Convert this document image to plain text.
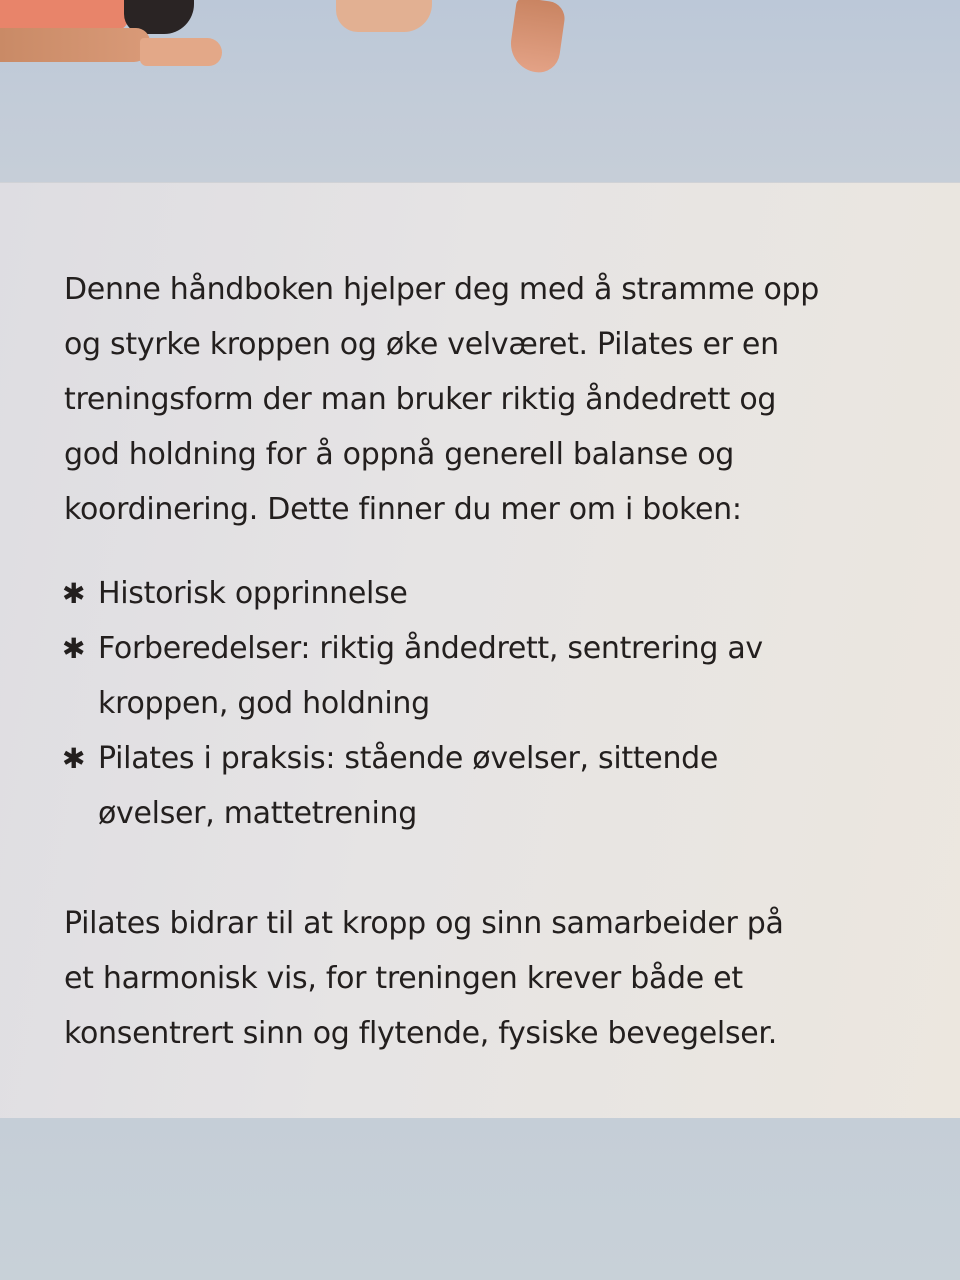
Denne håndboken hjelper deg med å stramme opp
og styrke kroppen og øke velværet. Pilates er en
treningsform der man bruker riktig åndedrett og
god holdning for å oppnå generell balanse og
koordinering. Dette finner du mer om i boken:
✱ Historisk opprinnelse
✱ Forberedelser: riktig åndedrett, sentrering av
kroppen, god holdning
✱ Pilates i praksis: stående øvelser, sittende
øvelser, mattetrening
Pilates bidrar til at kropp og sinn samarbeider på
et harmonisk vis, for treningen krever både et
konsentrert sinn og flytende, fysiske bevegelser.
